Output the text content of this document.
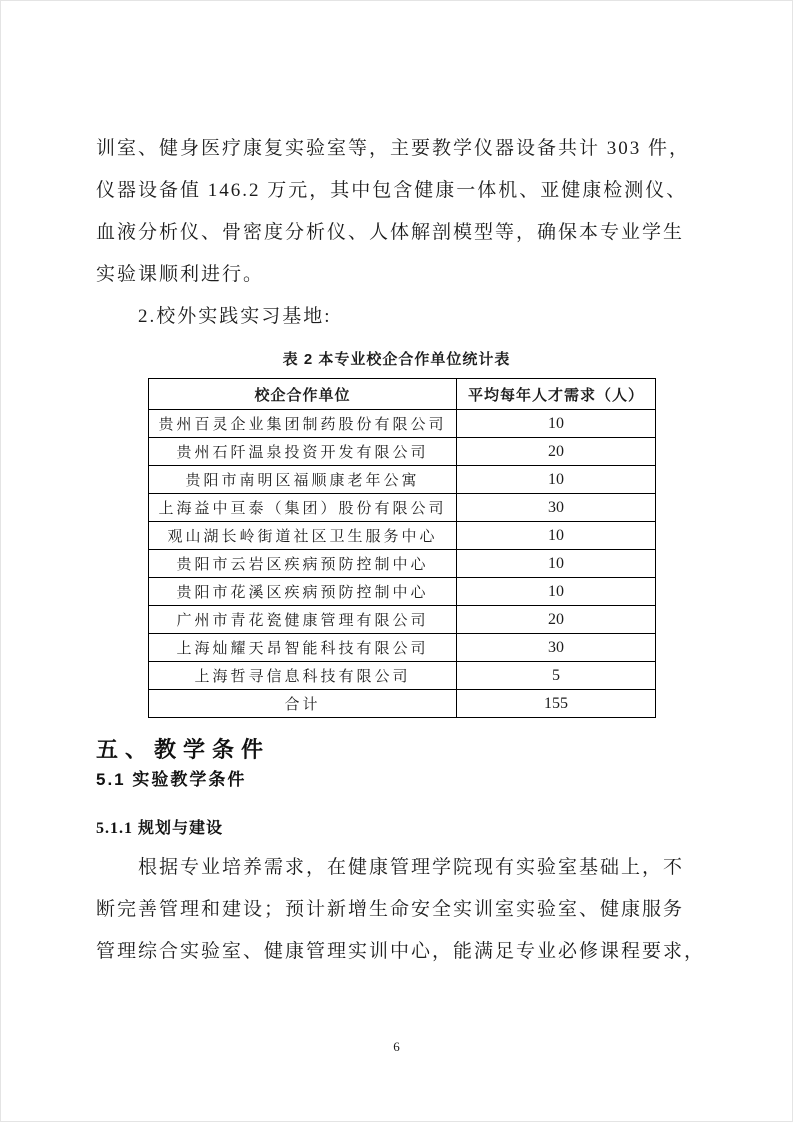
训室、健身医疗康复实验室等，主要教学仪器设备共计 303 件，
仪器设备值 146.2 万元，其中包含健康一体机、亚健康检测仪、
血液分析仪、骨密度分析仪、人体解剖模型等，确保本专业学生
实验课顺利进行。
2.校外实践实习基地:
表 2 本专业校企合作单位统计表
校企合作单位	平均每年人才需求（人）
贵州百灵企业集团制药股份有限公司	10
贵州石阡温泉投资开发有限公司	20
贵阳市南明区福顺康老年公寓	10
上海益中亘泰（集团）股份有限公司	30
观山湖长岭街道社区卫生服务中心	10
贵阳市云岩区疾病预防控制中心	10
贵阳市花溪区疾病预防控制中心	10
广州市青花瓷健康管理有限公司	20
上海灿耀天昂智能科技有限公司	30
上海哲寻信息科技有限公司	5
合计	155
五、教学条件
5.1 实验教学条件
5.1.1 规划与建设
根据专业培养需求，在健康管理学院现有实验室基础上，不
断完善管理和建设；预计新增生命安全实训室实验室、健康服务
管理综合实验室、健康管理实训中心，能满足专业必修课程要求，
6
